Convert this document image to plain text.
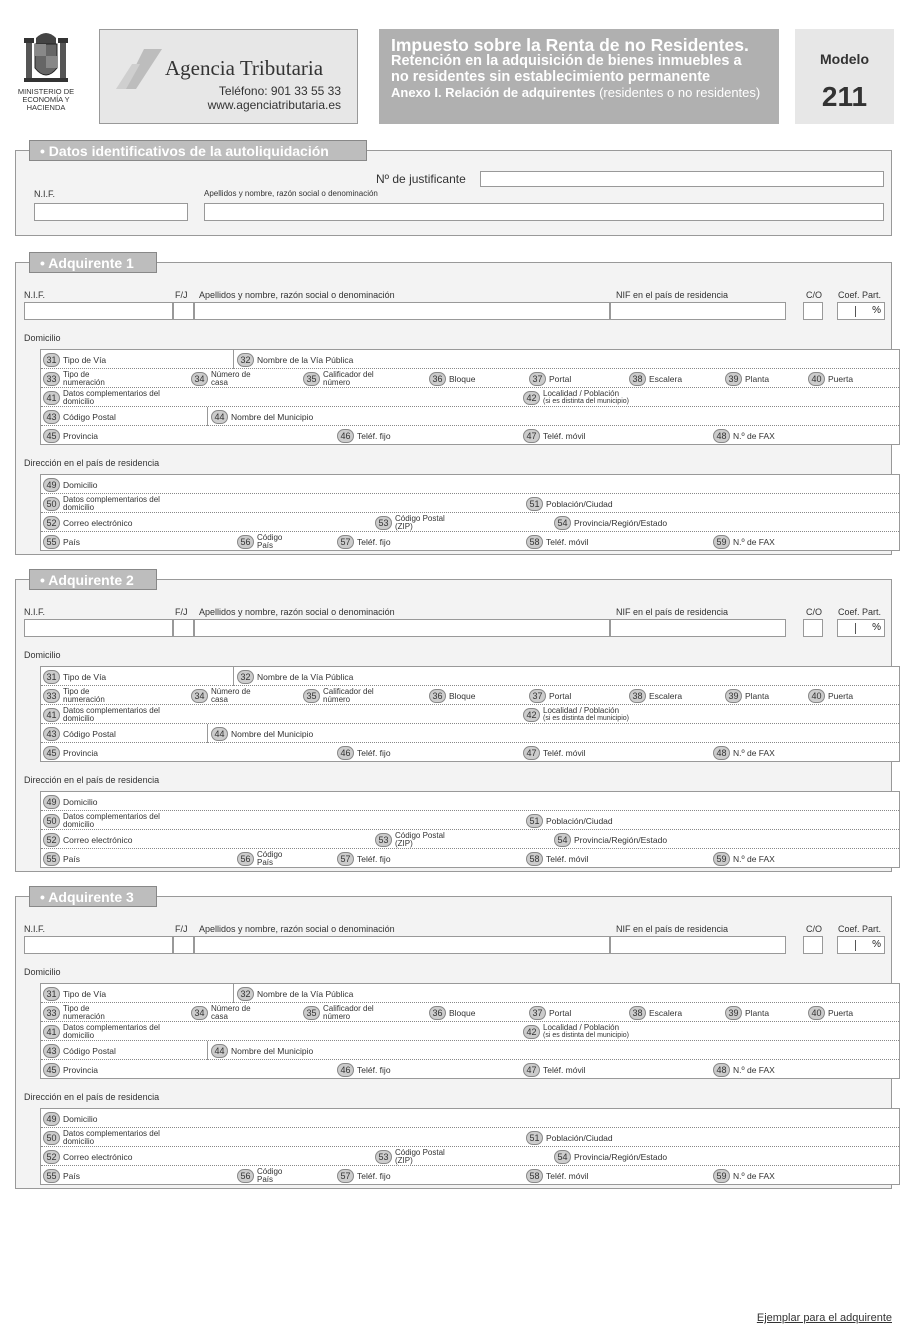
MINISTERIO DE ECONOMÍA Y HACIENDA
Agencia Tributaria
Teléfono: 901 33 55 33
www.agenciatributaria.es
Impuesto sobre la Renta de no Residentes.
Retención en la adquisición de bienes inmuebles a
no residentes sin establecimiento permanente
Anexo I. Relación de adquirentes (residentes o no residentes)
Modelo
211
Nº de justificante
N.I.F.	Apellidos y nombre, razón social o denominación
• Datos identificativos de la autoliquidación
N.I.F.	F/J Apellidos y nombre, razón social o denominación	NIF en el país de residencia	C/O Coef. Part.
%
Domicilio
31 Tipo de Vía	32 Nombre de la Vía Pública
33 Tipo de numeración	34 Número de casa	35 Calificador del número	36 Bloque	37 Portal	38 Escalera	39 Planta	40 Puerta
41 Datos complementarios del domicilio	42 Localidad / Población
(si es distinta del municipio)
43 Código Postal	44 Nombre del Municipio
45 Provincia	46 Teléf. fijo	47 Teléf. móvil	48 N.º de FAX
Dirección en el país de residencia
49 Domicilio
50 Datos complementarios del domicilio	51 Población/Ciudad
52 Correo electrónico	53 Código Postal (ZIP)	54 Provincia/Región/Estado
55 País	56 Código País	57 Teléf. fijo	58 Teléf. móvil	59 N.º de FAX
• Adquirente 1
N.I.F.	F/J Apellidos y nombre, razón social o denominación	NIF en el país de residencia	C/O Coef. Part.
%
Domicilio
31 Tipo de Vía	32 Nombre de la Vía Pública
33 Tipo de numeración	34 Número de casa	35 Calificador del número	36 Bloque	37 Portal	38 Escalera	39 Planta	40 Puerta
41 Datos complementarios del domicilio	42 Localidad / Población
(si es distinta del municipio)
43 Código Postal	44 Nombre del Municipio
45 Provincia	46 Teléf. fijo	47 Teléf. móvil	48 N.º de FAX
Dirección en el país de residencia
49 Domicilio
50 Datos complementarios del domicilio	51 Población/Ciudad
52 Correo electrónico	53 Código Postal (ZIP)	54 Provincia/Región/Estado
55 País	56 Código País	57 Teléf. fijo	58 Teléf. móvil	59 N.º de FAX
• Adquirente 2
N.I.F.	F/J Apellidos y nombre, razón social o denominación	NIF en el país de residencia	C/O Coef. Part.
%
Domicilio
31 Tipo de Vía	32 Nombre de la Vía Pública
33 Tipo de numeración	34 Número de casa	35 Calificador del número	36 Bloque	37 Portal	38 Escalera	39 Planta	40 Puerta
41 Datos complementarios del domicilio	42 Localidad / Población
(si es distinta del municipio)
43 Código Postal	44 Nombre del Municipio
45 Provincia	46 Teléf. fijo	47 Teléf. móvil	48 N.º de FAX
Dirección en el país de residencia
49 Domicilio
50 Datos complementarios del domicilio	51 Población/Ciudad
52 Correo electrónico	53 Código Postal (ZIP)	54 Provincia/Región/Estado
55 País	56 Código País	57 Teléf. fijo	58 Teléf. móvil	59 N.º de FAX
• Adquirente 3
Ejemplar para el adquirente
